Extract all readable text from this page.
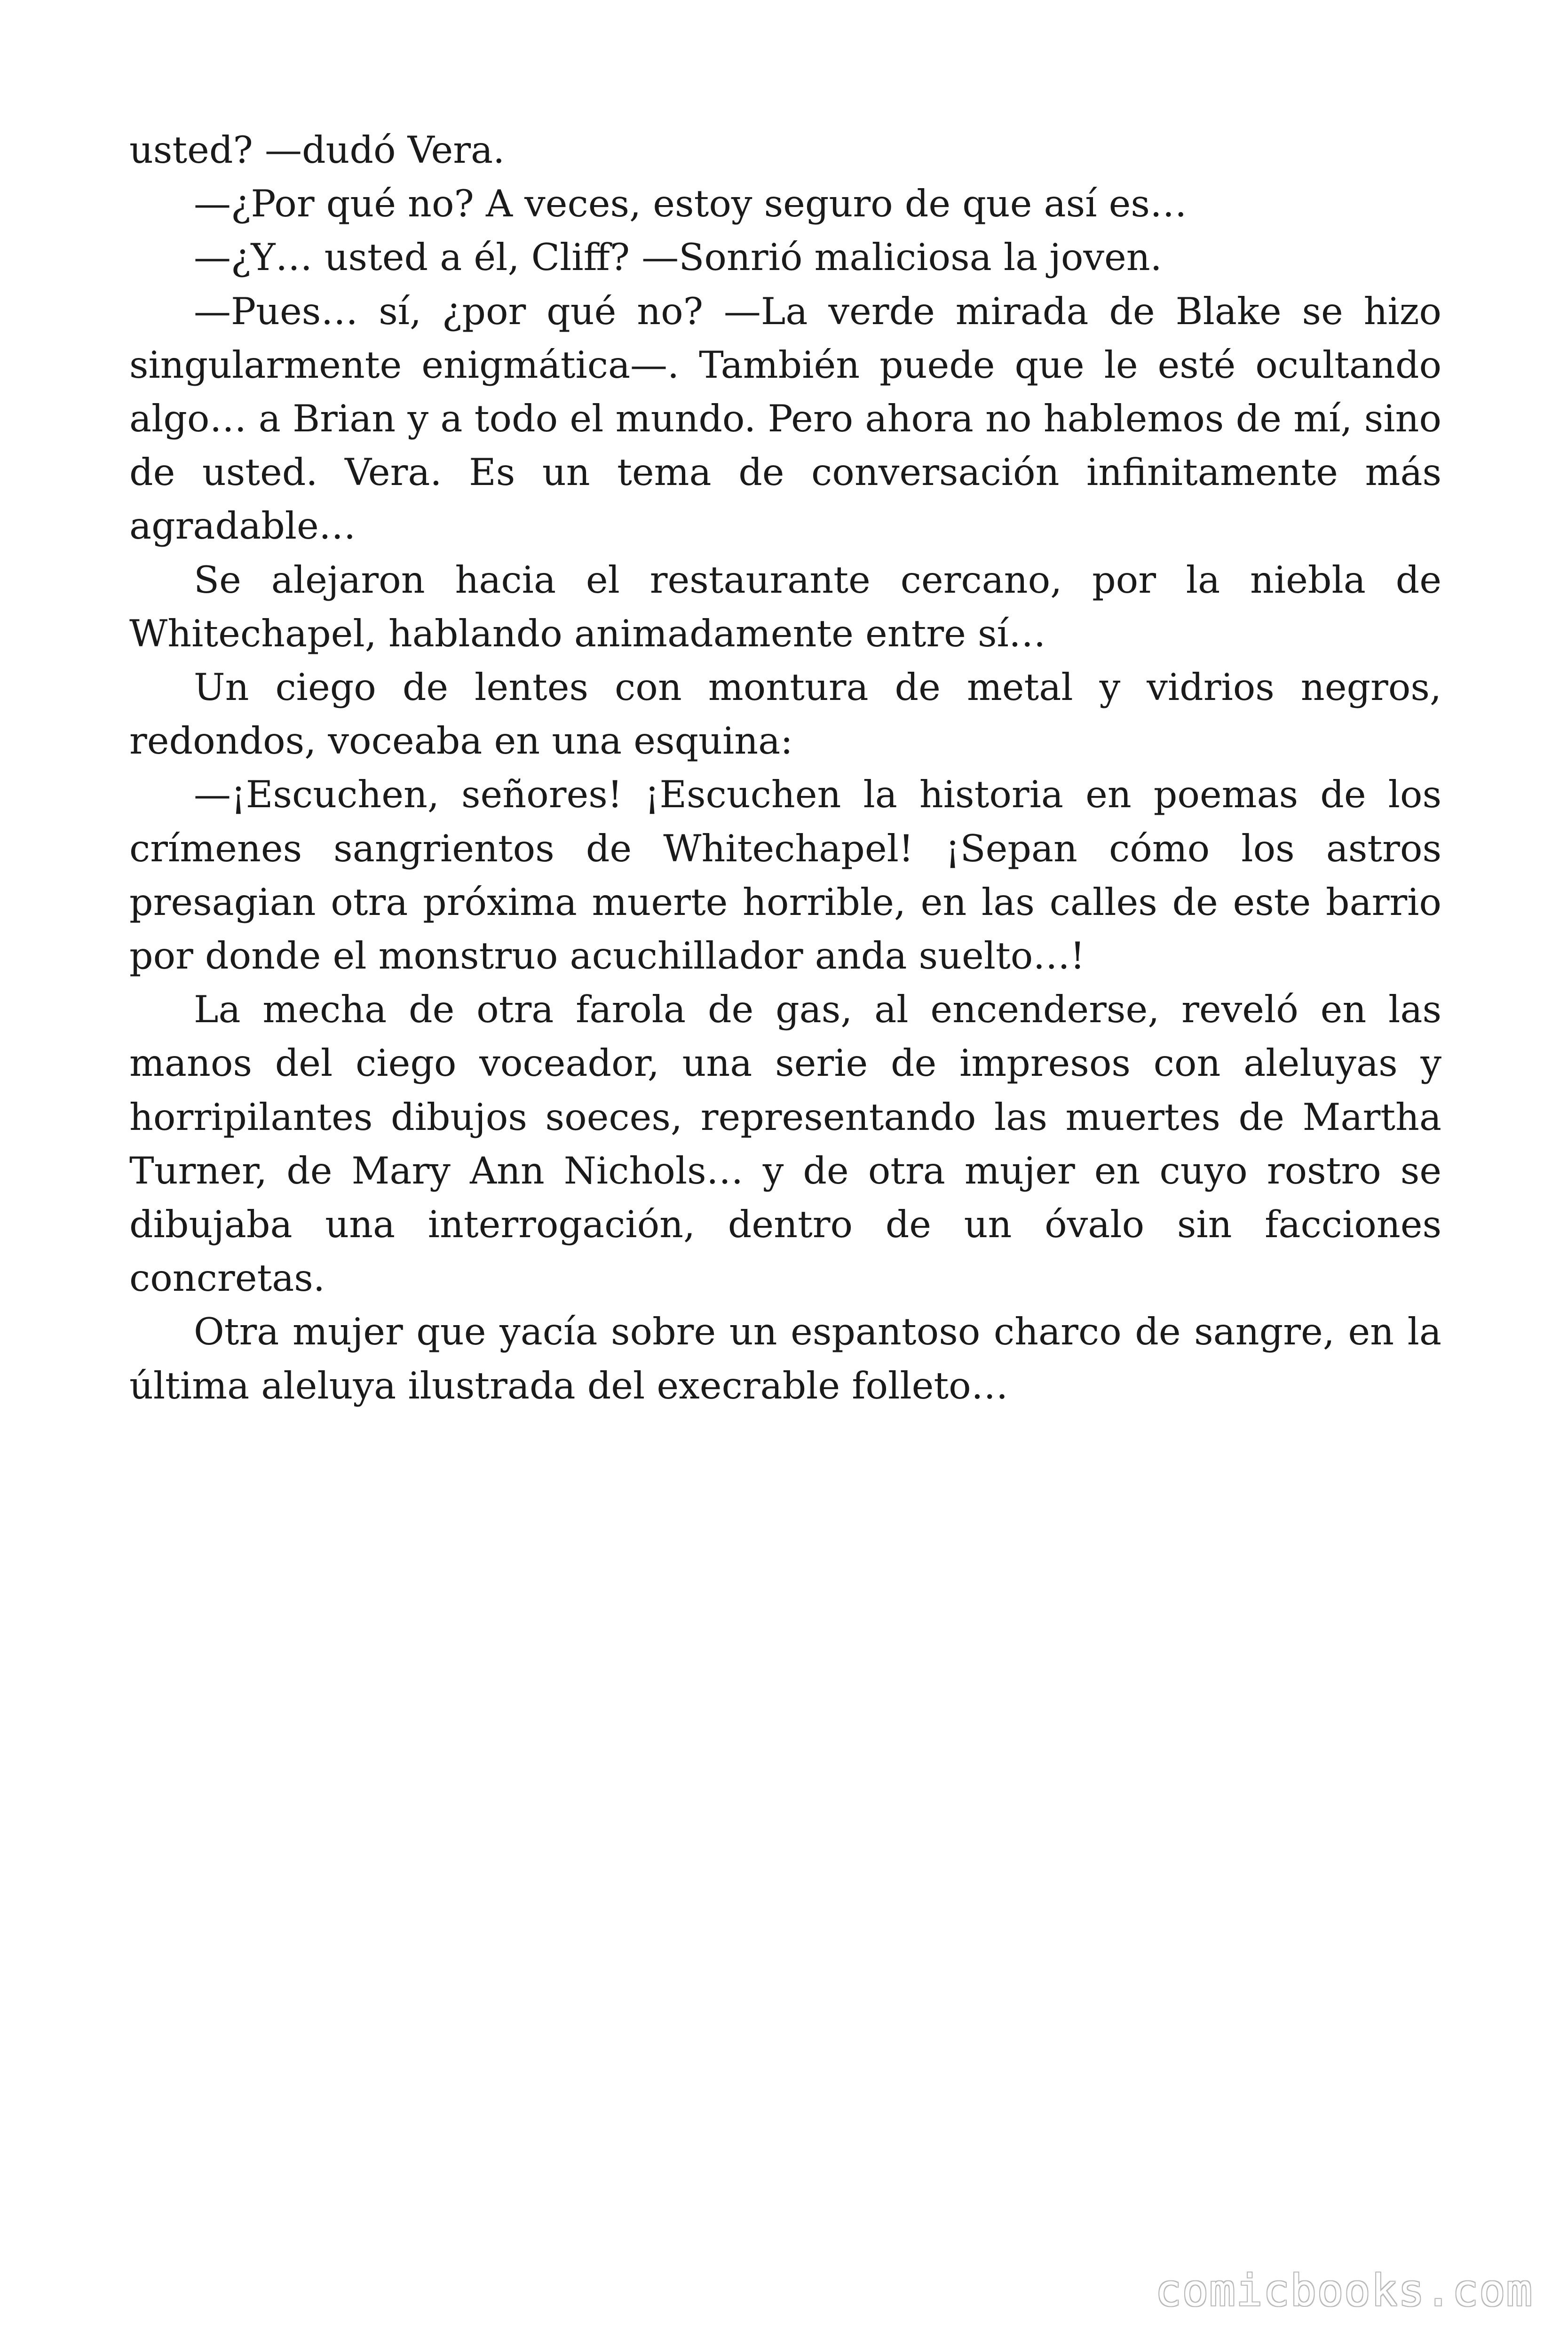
usted? —dudó Vera.

—¿Por qué no? A veces, estoy seguro de que así es…

—¿Y… usted a él, Cliff? —Sonrió maliciosa la joven.

—Pues… sí, ¿por qué no? —La verde mirada de Blake se hizo singularmente enigmática—. También puede que le esté ocultando algo… a Brian y a todo el mundo. Pero ahora no hablemos de mí, sino de usted. Vera. Es un tema de conversación infinitamente más agradable…

Se alejaron hacia el restaurante cercano, por la niebla de Whitechapel, hablando animadamente entre sí…

Un ciego de lentes con montura de metal y vidrios negros, redondos, voceaba en una esquina:

—¡Escuchen, señores! ¡Escuchen la historia en poemas de los crímenes sangrientos de Whitechapel! ¡Sepan cómo los astros presagian otra próxima muerte horrible, en las calles de este barrio por donde el monstruo acuchillador anda suelto…!

La mecha de otra farola de gas, al encenderse, reveló en las manos del ciego voceador, una serie de impresos con aleluyas y horripilantes dibujos soeces, representando las muertes de Martha Turner, de Mary Ann Nichols… y de otra mujer en cuyo rostro se dibujaba una interrogación, dentro de un óvalo sin facciones concretas.

Otra mujer que yacía sobre un espantoso charco de sangre, en la última aleluya ilustrada del execrable folleto…

comicbooks.com
